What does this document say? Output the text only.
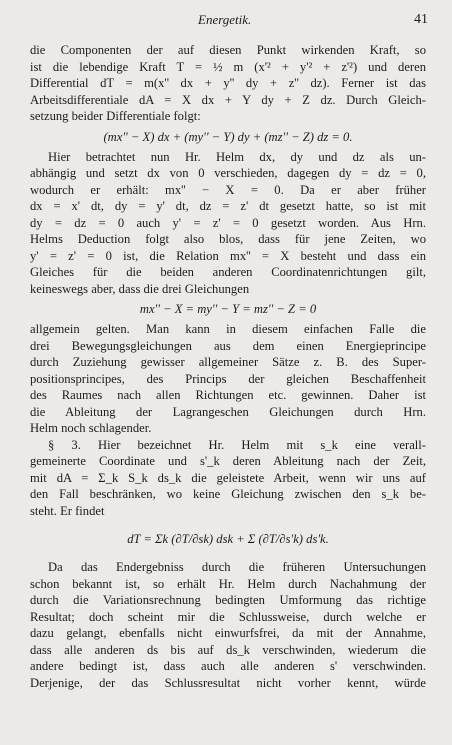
Energetik.	41
die Componenten der auf diesen Punkt wirkenden Kraft, so
ist die lebendige Kraft T = ½ m (x'² + y'² + z'²) und deren
Differential dT = m(x'' dx + y'' dy + z'' dz). Ferner ist das
Arbeitsdifferentiale dA = X dx + Y dy + Z dz. Durch Gleich-
setzung beider Differentiale folgt:
(mx'' − X) dx + (my'' − Y) dy + (mz'' − Z) dz = 0.
Hier betrachtet nun Hr. Helm dx, dy und dz als un-
abhängig und setzt dx von 0 verschieden, dagegen dy = dz = 0,
wodurch er erhält: mx'' − X = 0. Da er aber früher
dx = x' dt, dy = y' dt, dz = z' dt gesetzt hatte, so ist mit
dy = dz = 0 auch y' = z' = 0 gesetzt worden. Aus Hrn.
Helms Deduction folgt also blos, dass für jene Zeiten, wo
y' = z' = 0 ist, die Relation mx'' = X besteht und dass ein
Gleiches für die beiden anderen Coordinatenrichtungen gilt,
keineswegs aber, dass die drei Gleichungen
mx'' − X = my'' − Y = mz'' − Z = 0
allgemein gelten. Man kann in diesem einfachen Falle die
drei Bewegungsgleichungen aus dem einen Energieprincipe
durch Zuziehung gewisser allgemeiner Sätze z. B. des Super-
positionsprincipes, des Princips der gleichen Beschaffenheit
des Raumes nach allen Richtungen etc. gewinnen. Daher ist
die Ableitung der Lagrangeschen Gleichungen durch Hrn.
Helm noch schlagender.
§ 3. Hier bezeichnet Hr. Helm mit s_k eine verall-
gemeinerte Coordinate und s'_k deren Ableitung nach der Zeit,
mit dA = Σ_k S_k ds_k die geleistete Arbeit, wenn wir uns auf
den Fall beschränken, wo keine Gleichung zwischen den s_k be-
steht. Er findet
dT = Σk (∂T/∂sk) dsk + Σ (∂T/∂s'k) ds'k.
Da das Endergebniss durch die früheren Untersuchungen
schon bekannt ist, so erhält Hr. Helm durch Nachahmung der
durch die Variationsrechnung bedingten Umformung das richtige
Resultat; doch scheint mir die Schlussweise, durch welche er
dazu gelangt, ebenfalls nicht einwurfsfrei, da mit der Annahme,
dass alle anderen ds bis auf ds_k verschwinden, wiederum die
andere bedingt ist, dass auch alle anderen s' verschwinden.
Derjenige, der das Schlussresultat nicht vorher kennt, würde
